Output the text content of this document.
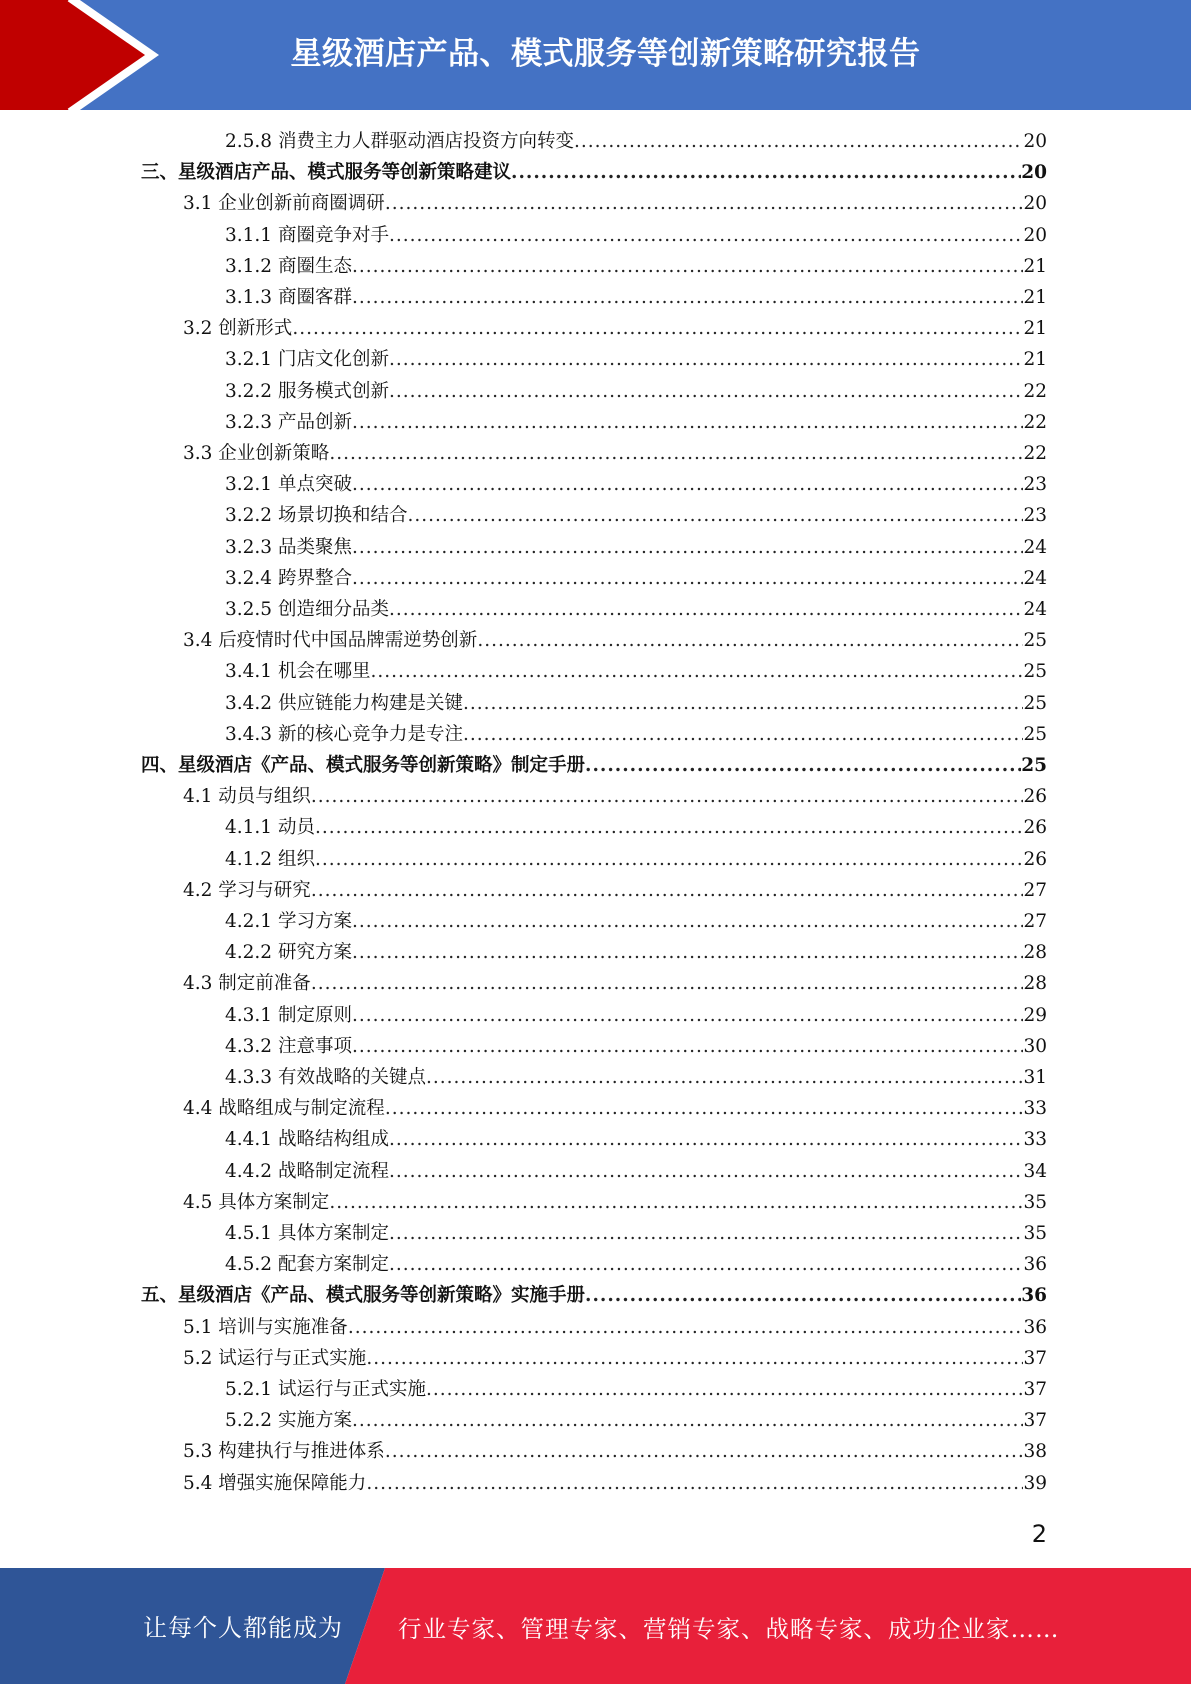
星级酒店产品、模式服务等创新策略研究报告
2.5.8 消费主力人群驱动酒店投资方向转变 .....	20
三、星级酒店产品、模式服务等创新策略建议 .....	20
3.1 企业创新前商圈调研 .....	20
3.1.1 商圈竞争对手 .....	20
3.1.2 商圈生态 .....	21
3.1.3 商圈客群 .....	21
3.2 创新形式 .....	21
3.2.1 门店文化创新 .....	21
3.2.2 服务模式创新 .....	22
3.2.3 产品创新 .....	22
3.3 企业创新策略 .....	22
3.2.1 单点突破 .....	23
3.2.2 场景切换和结合 .....	23
3.2.3 品类聚焦 .....	24
3.2.4 跨界整合 .....	24
3.2.5 创造细分品类 .....	24
3.4 后疫情时代中国品牌需逆势创新 .....	25
3.4.1 机会在哪里 .....	25
3.4.2 供应链能力构建是关键 .....	25
3.4.3 新的核心竞争力是专注 .....	25
四、星级酒店《产品、模式服务等创新策略》制定手册 .....	25
4.1 动员与组织 .....	26
4.1.1 动员 .....	26
4.1.2 组织 .....	26
4.2 学习与研究 .....	27
4.2.1 学习方案 .....	27
4.2.2 研究方案 .....	28
4.3 制定前准备 .....	28
4.3.1 制定原则 .....	29
4.3.2 注意事项 .....	30
4.3.3 有效战略的关键点 .....	31
4.4 战略组成与制定流程 .....	33
4.4.1 战略结构组成 .....	33
4.4.2 战略制定流程 .....	34
4.5 具体方案制定 .....	35
4.5.1 具体方案制定 .....	35
4.5.2 配套方案制定 .....	36
五、星级酒店《产品、模式服务等创新策略》实施手册 .....	36
5.1 培训与实施准备 .....	36
5.2 试运行与正式实施 .....	37
5.2.1 试运行与正式实施 .....	37
5.2.2 实施方案 .....	37
5.3 构建执行与推进体系 .....	38
5.4 增强实施保障能力 .....	39
2
让每个人都能成为 行业专家、管理专家、营销专家、战略专家、成功企业家……
